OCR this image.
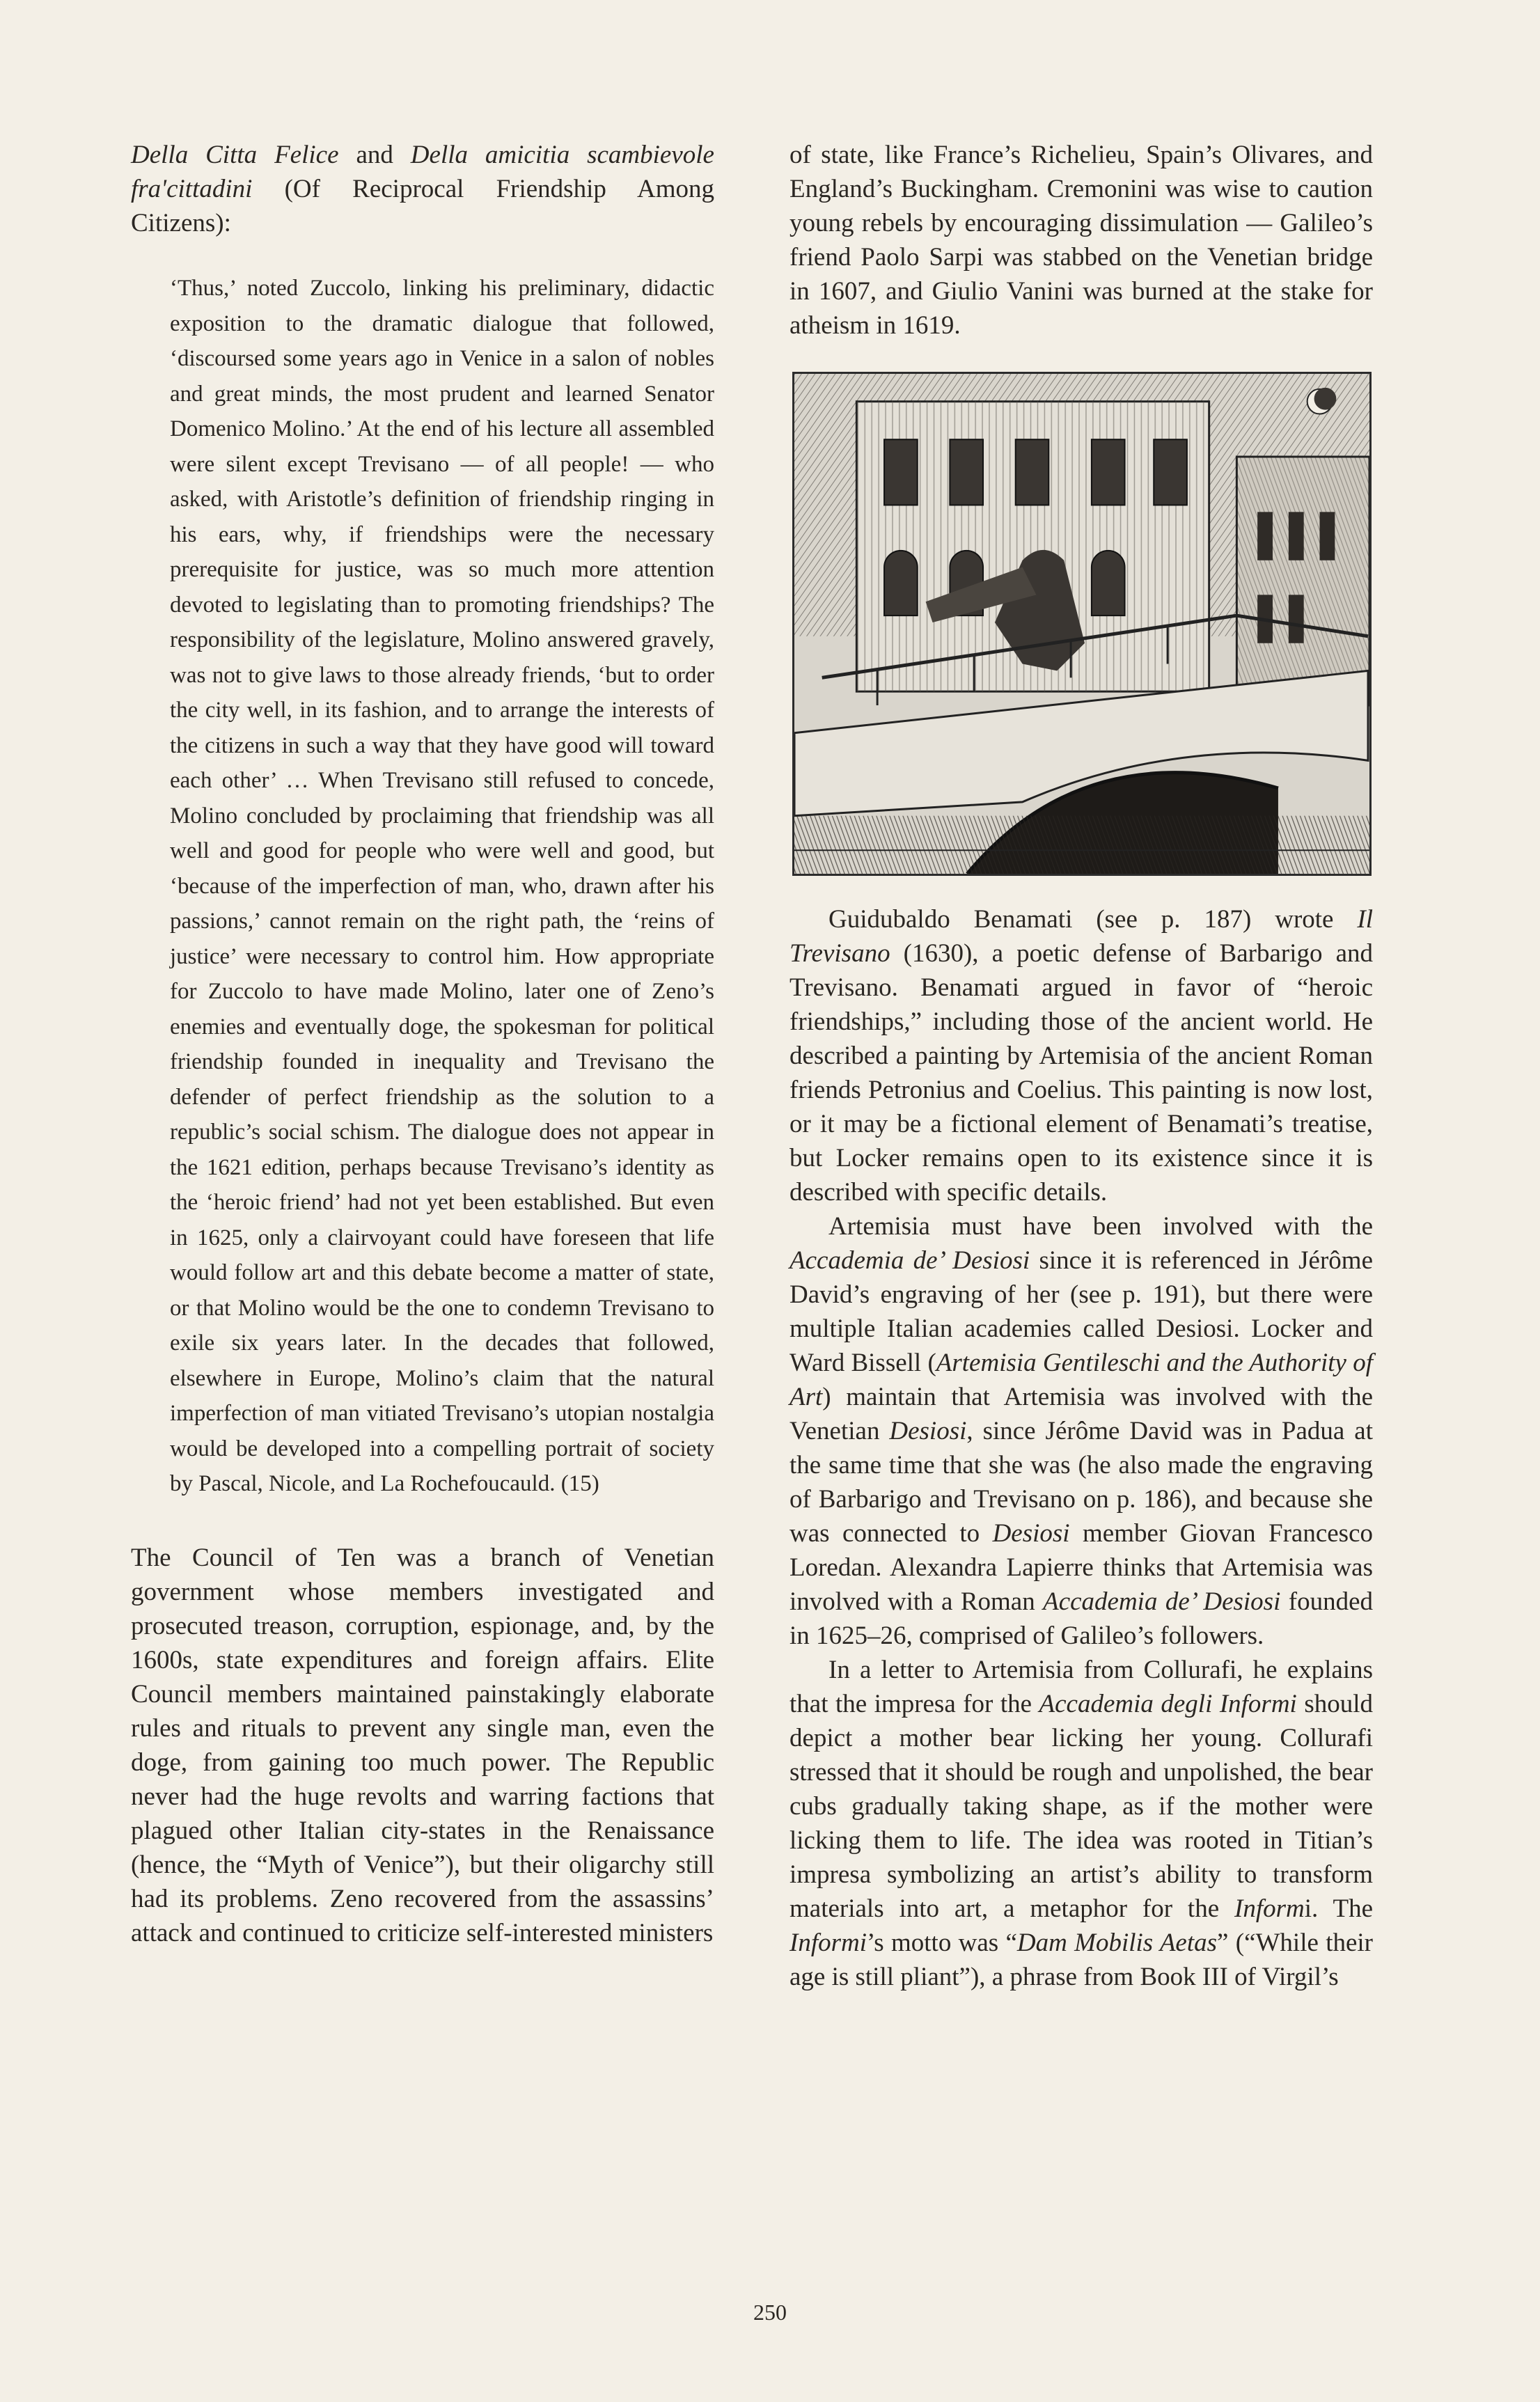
Della Citta Felice and Della amicitia scambievole fra'cittadini (Of Reciprocal Friendship Among Citizens):

‘Thus,’ noted Zuccolo, linking his preliminary, didactic exposition to the dramatic dialogue that followed, ‘discoursed some years ago in Venice in a salon of nobles and great minds, the most prudent and learned Senator Domenico Molino.’ At the end of his lecture all assembled were silent except Trevisano — of all people! — who asked, with Aristotle’s definition of friendship ringing in his ears, why, if friendships were the necessary prerequisite for justice, was so much more attention devoted to legislating than to promoting friendships? The responsibility of the legislature, Molino answered gravely, was not to give laws to those already friends, ‘but to order the city well, in its fashion, and to arrange the interests of the citizens in such a way that they have good will toward each other’ … When Trevisano still refused to concede, Molino concluded by proclaiming that friendship was all well and good for people who were well and good, but ‘because of the imperfection of man, who, drawn after his passions,’ cannot remain on the right path, the ‘reins of justice’ were necessary to control him. How appropriate for Zuccolo to have made Molino, later one of Zeno’s enemies and eventually doge, the spokesman for political friendship founded in inequality and Trevisano the defender of perfect friendship as the solution to a republic’s social schism. The dialogue does not appear in the 1621 edition, perhaps because Trevisano’s identity as the ‘heroic friend’ had not yet been established. But even in 1625, only a clairvoyant could have foreseen that life would follow art and this debate become a matter of state, or that Molino would be the one to condemn Trevisano to exile six years later. In the decades that followed, elsewhere in Europe, Molino’s claim that the natural imperfection of man vitiated Trevisano’s utopian nostalgia would be developed into a compelling portrait of society by Pascal, Nicole, and La Rochefoucauld. (15)

The Council of Ten was a branch of Venetian government whose members investigated and prosecuted treason, corruption, espionage, and, by the 1600s, state expenditures and foreign affairs. Elite Council members maintained painstakingly elaborate rules and rituals to prevent any single man, even the doge, from gaining too much power. The Republic never had the huge revolts and warring factions that plagued other Italian city-states in the Renaissance (hence, the “Myth of Venice”), but their oligarchy still had its problems. Zeno recovered from the assassins’ attack and continued to criticize self-interested ministers

of state, like France’s Richelieu, Spain’s Olivares, and England’s Buckingham. Cremonini was wise to caution young rebels by encouraging dissimulation — Galileo’s friend Paolo Sarpi was stabbed on the Venetian bridge in 1607, and Giulio Vanini was burned at the stake for atheism in 1619.

Guidubaldo Benamati (see p. 187) wrote Il Trevisano (1630), a poetic defense of Barbarigo and Trevisano. Benamati argued in favor of “heroic friendships,” including those of the ancient world. He described a painting by Artemisia of the ancient Roman friends Petronius and Coelius. This painting is now lost, or it may be a fictional element of Benamati’s treatise, but Locker remains open to its existence since it is described with specific details.

Artemisia must have been involved with the Accademia de’ Desiosi since it is referenced in Jérôme David’s engraving of her (see p. 191), but there were multiple Italian academies called Desiosi. Locker and Ward Bissell (Artemisia Gentileschi and the Authority of Art) maintain that Artemisia was involved with the Venetian Desiosi, since Jérôme David was in Padua at the same time that she was (he also made the engraving of Barbarigo and Trevisano on p. 186), and because she was connected to Desiosi member Giovan Francesco Loredan. Alexandra Lapierre thinks that Artemisia was involved with a Roman Accademia de’ Desiosi founded in 1625–26, comprised of Galileo’s followers.

In a letter to Artemisia from Collurafi, he explains that the impresa for the Accademia degli Informi should depict a mother bear licking her young. Collurafi stressed that it should be rough and unpolished, the bear cubs gradually taking shape, as if the mother were licking them to life. The idea was rooted in Titian’s impresa symbolizing an artist’s ability to transform materials into art, a metaphor for the Informi. The Informi’s motto was “Dam Mobilis Aetas” (“While their age is still pliant”), a phrase from Book III of Virgil’s

250
